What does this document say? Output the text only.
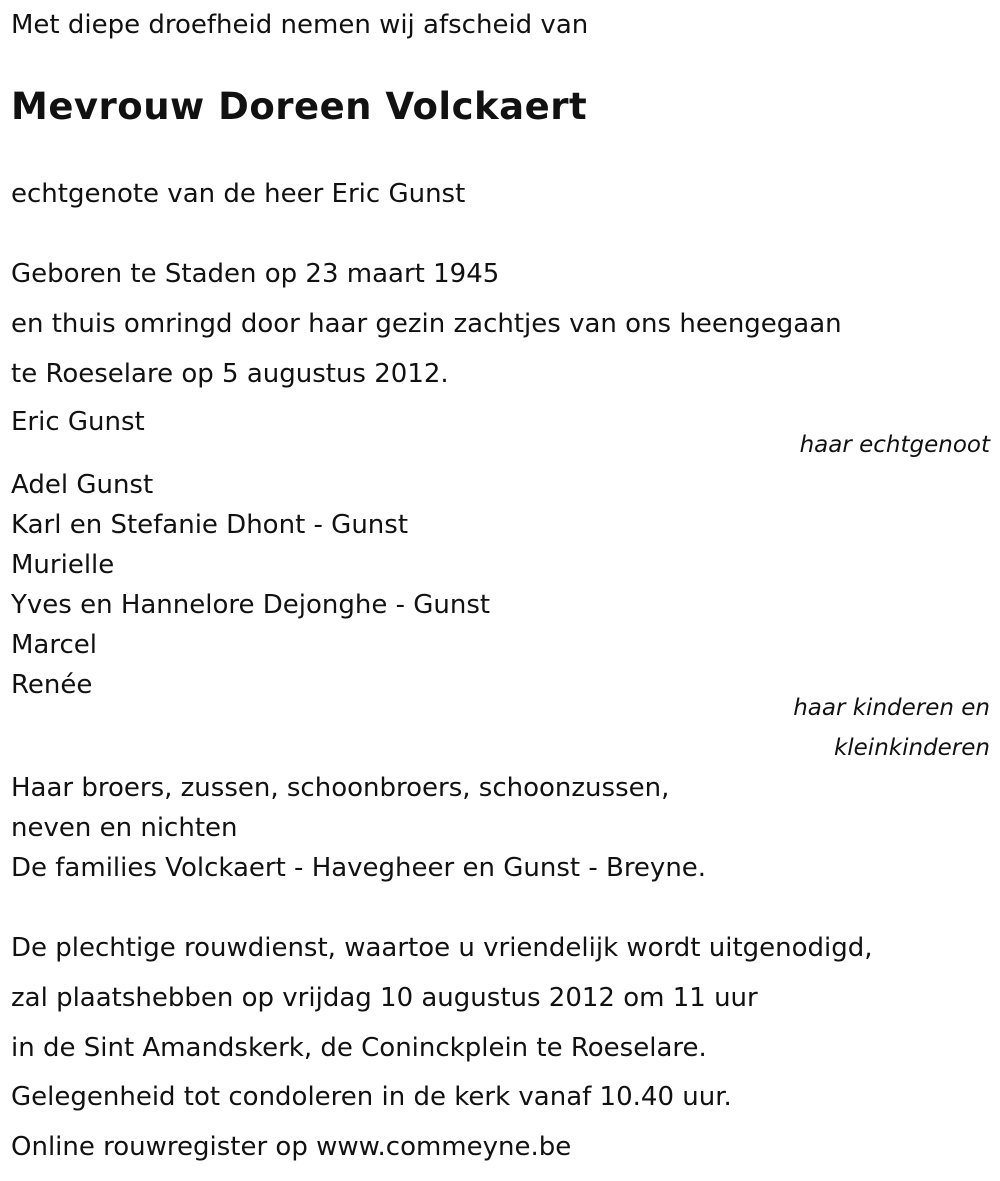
Met diepe droefheid nemen wij afscheid van
Mevrouw Doreen Volckaert
echtgenote van de heer Eric Gunst
Geboren te Staden op 23 maart 1945
en thuis omringd door haar gezin zachtjes van ons heengegaan
te Roeselare op 5 augustus 2012.
Eric Gunst
haar echtgenoot
Adel Gunst
Karl en Stefanie Dhont - Gunst
Murielle
Yves en Hannelore Dejonghe - Gunst
Marcel
Renée
haar kinderen en
kleinkinderen
Haar broers, zussen, schoonbroers, schoonzussen,
neven en nichten
De families Volckaert - Havegheer en Gunst - Breyne.
De plechtige rouwdienst, waartoe u vriendelijk wordt uitgenodigd,
zal plaatshebben op vrijdag 10 augustus 2012 om 11 uur
in de Sint Amandskerk, de Coninckplein te Roeselare.
Gelegenheid tot condoleren in de kerk vanaf 10.40 uur.
Online rouwregister op www.commeyne.be
